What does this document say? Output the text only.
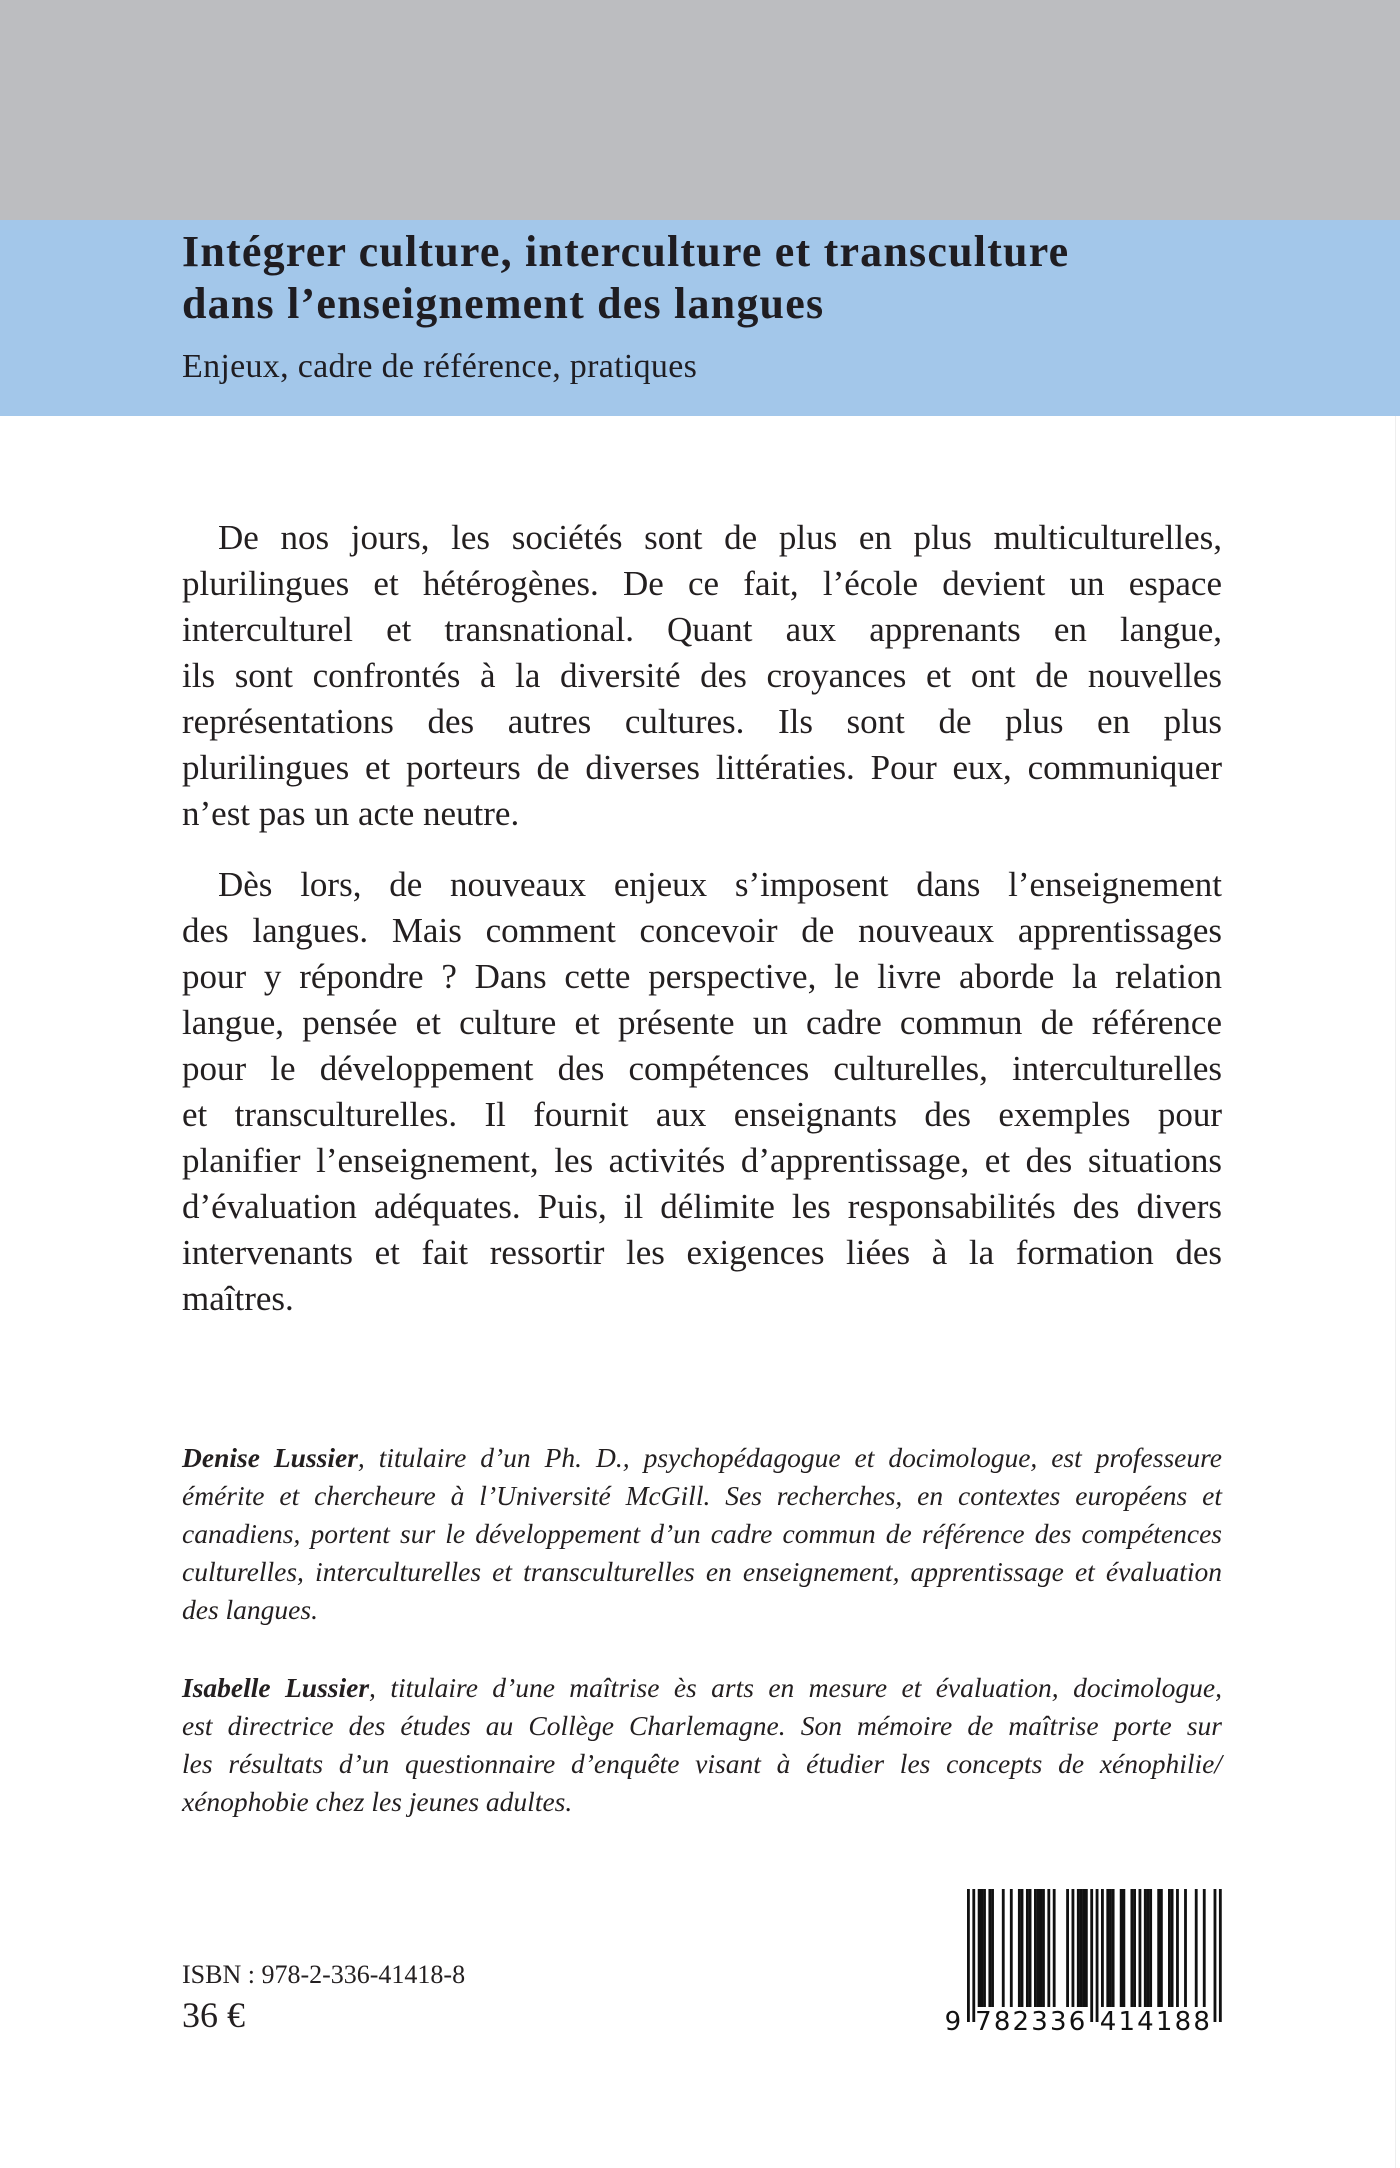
Intégrer culture, interculture et transculture
dans l’enseignement des langues
Enjeux, cadre de référence, pratiques
De nos jours, les sociétés sont de plus en plus multiculturelles,
plurilingues et hétérogènes. De ce fait, l’école devient un espace
interculturel et transnational. Quant aux apprenants en langue,
ils sont confrontés à la diversité des croyances et ont de nouvelles
représentations des autres cultures. Ils sont de plus en plus
plurilingues et porteurs de diverses littératies. Pour eux, communiquer
n’est pas un acte neutre.
Dès lors, de nouveaux enjeux s’imposent dans l’enseignement
des langues. Mais comment concevoir de nouveaux apprentissages
pour y répondre ? Dans cette perspective, le livre aborde la relation
langue, pensée et culture et présente un cadre commun de référence
pour le développement des compétences culturelles, interculturelles
et transculturelles. Il fournit aux enseignants des exemples pour
planifier l’enseignement, les activités d’apprentissage, et des situations
d’évaluation adéquates. Puis, il délimite les responsabilités des divers
intervenants et fait ressortir les exigences liées à la formation des
maîtres.
Denise Lussier, titulaire d’un Ph. D., psychopédagogue et docimologue, est professeure
émérite et chercheure à l’Université McGill. Ses recherches, en contextes européens et
canadiens, portent sur le développement d’un cadre commun de référence des compétences
culturelles, interculturelles et transculturelles en enseignement, apprentissage et évaluation
des langues.
Isabelle Lussier, titulaire d’une maîtrise ès arts en mesure et évaluation, docimologue,
est directrice des études au Collège Charlemagne. Son mémoire de maîtrise porte sur
les résultats d’un questionnaire d’enquête visant à étudier les concepts de xénophilie/
xénophobie chez les jeunes adultes.
ISBN : 978-2-336-41418-8
36 €	9 782336 414188
